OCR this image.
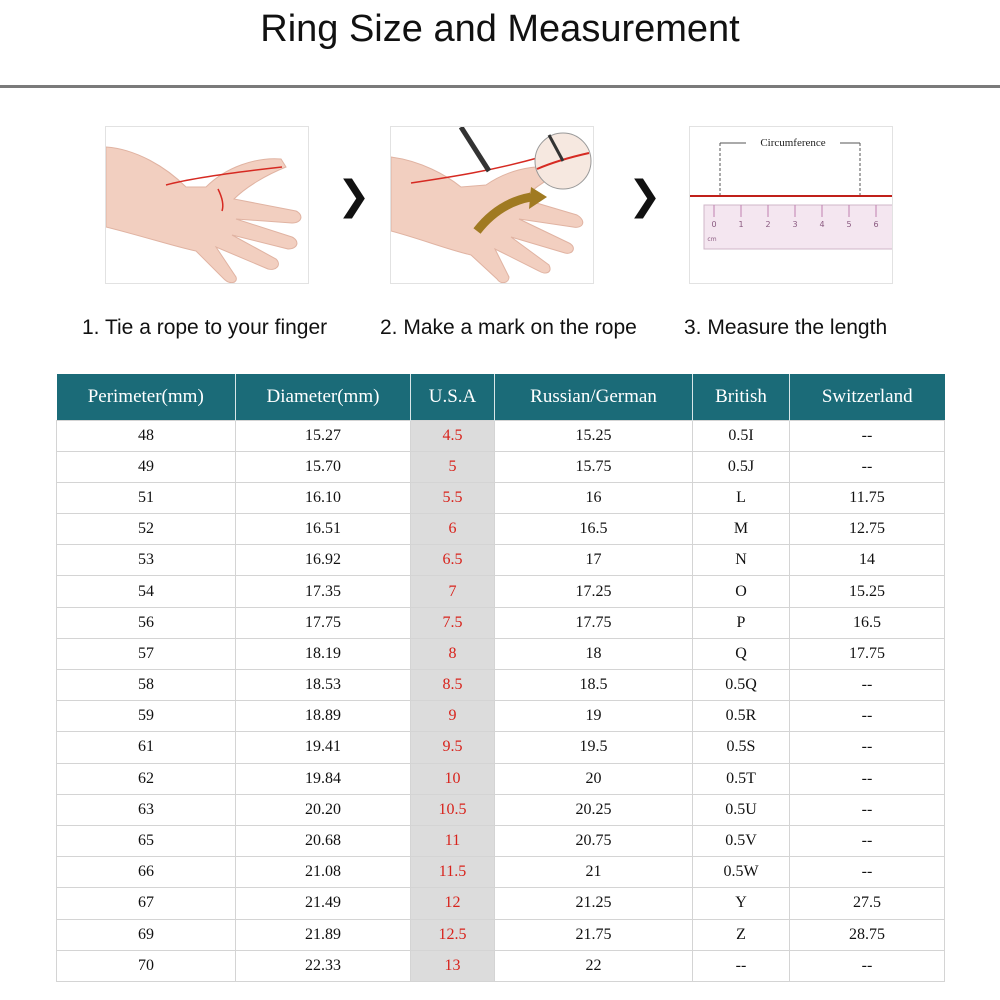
Ring Size and Measurement
❯	❯
Circumference
0	1	2	3	4	5	6
cm
1. Tie a rope to your finger	2. Make a mark on the rope 3. Measure the length
Perimeter(mm)	Diameter(mm)	U.S.A	Russian/German	British	Switzerland
48	15.27	4.5	15.25	0.5I	--
49	15.70	5	15.75	0.5J	--
51	16.10	5.5	16	L	11.75
52	16.51	6	16.5	M	12.75
53	16.92	6.5	17	N	14
54	17.35	7	17.25	O	15.25
56	17.75	7.5	17.75	P	16.5
57	18.19	8	18	Q	17.75
58	18.53	8.5	18.5	0.5Q	--
59	18.89	9	19	0.5R	--
61	19.41	9.5	19.5	0.5S	--
62	19.84	10	20	0.5T	--
63	20.20	10.5	20.25	0.5U	--
65	20.68	11	20.75	0.5V	--
66	21.08	11.5	21	0.5W	--
67	21.49	12	21.25	Y	27.5
69	21.89	12.5	21.75	Z	28.75
70	22.33	13	22	--	--
